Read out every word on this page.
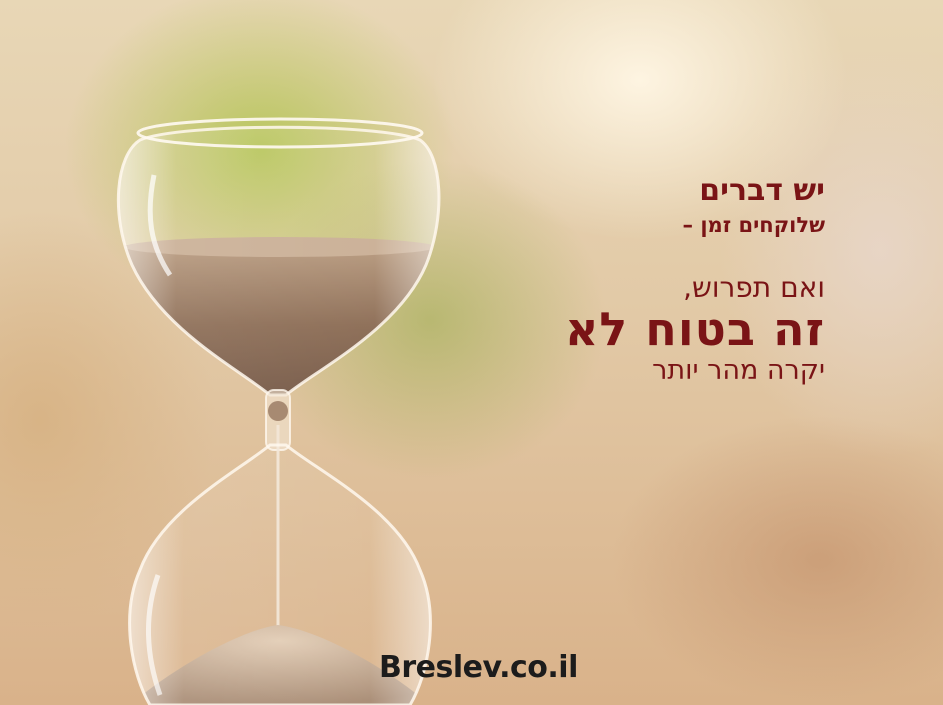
יש דברים

שלוקחים זמן –

ואם תפרוש,

זה בטוח לא

יקרה מהר יותר

Breslev.co.il
